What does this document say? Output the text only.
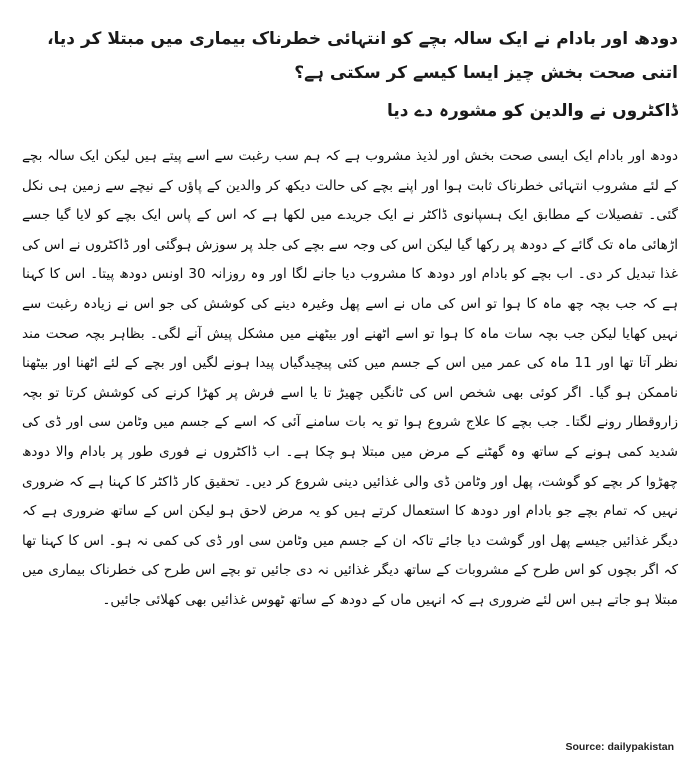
دودھ اور بادام نے ایک سالہ بچے کو انتہائی خطرناک بیماری میں مبتلا کر دیا، اتنی صحت بخش چیز ایسا کیسے کر سکتی ہے؟
ڈاکٹروں نے والدین کو مشورہ دے دیا

دودھ اور بادام ایک ایسی صحت بخش اور لذیذ مشروب ہے کہ ہم سب رغبت سے اسے پیتے ہیں لیکن ایک سالہ بچے کے لئے مشروب انتہائی خطرناک ثابت ہوا اور اپنے بچے کی حالت دیکھ کر والدین کے پاؤں کے نیچے سے زمین ہی نکل گئی۔ تفصیلات کے مطابق ایک ہسپانوی ڈاکٹر نے ایک جریدے میں لکھا ہے کہ اس کے پاس ایک بچے کو لایا گیا جسے اڑھائی ماہ تک گائے کے دودھ پر رکھا گیا لیکن اس کی وجہ سے بچے کی جلد پر سوزش ہوگئی اور ڈاکٹروں نے اس کی غذا تبدیل کر دی۔ اب بچے کو بادام اور دودھ کا مشروب دیا جانے لگا اور وہ روزانہ 30 اونس دودھ پیتا۔ اس کا کہنا ہے کہ جب بچہ چھ ماہ کا ہوا تو اس کی ماں نے اسے پھل وغیرہ دینے کی کوشش کی جو اس نے زیادہ رغبت سے نہیں کھایا لیکن جب بچہ سات ماہ کا ہوا تو اسے اٹھنے اور بیٹھنے میں مشکل پیش آنے لگی۔ بظاہر بچہ صحت مند نظر آتا تھا اور 11 ماہ کی عمر میں اس کے جسم میں کئی پیچیدگیاں پیدا ہونے لگیں اور بچے کے لئے اٹھنا اور بیٹھنا ناممکن ہو گیا۔ اگر کوئی بھی شخص اس کی ٹانگیں چھیڑ تا یا اسے فرش پر کھڑا کرنے کی کوشش کرتا تو بچہ زاروقطار رونے لگتا۔ جب بچے کا علاج شروع ہوا تو یہ بات سامنے آئی کہ اسے کے جسم میں وٹامن سی اور ڈی کی شدید کمی ہونے کے ساتھ وہ گھٹنے کے مرض میں مبتلا ہو چکا ہے۔ اب ڈاکٹروں نے فوری طور پر بادام والا دودھ چھڑوا کر بچے کو گوشت، پھل اور وٹامن ڈی والی غذائیں دینی شروع کر دیں۔ تحقیق کار ڈاکٹر کا کہنا ہے کہ ضروری نہیں کہ تمام بچے جو بادام اور دودھ کا استعمال کرتے ہیں کو یہ مرض لاحق ہو لیکن اس کے ساتھ ضروری ہے کہ دیگر غذائیں جیسے پھل اور گوشت دیا جائے تاکہ ان کے جسم میں وٹامن سی اور ڈی کی کمی نہ ہو۔ اس کا کہنا تھا کہ اگر بچوں کو اس طرح کے مشروبات کے ساتھ دیگر غذائیں نہ دی جائیں تو بچے اس طرح کی خطرناک بیماری میں مبتلا ہو جاتے ہیں اس لئے ضروری ہے کہ انہیں ماں کے دودھ کے ساتھ ٹھوس غذائیں بھی کھلائی جائیں۔

Source: dailypakistan
